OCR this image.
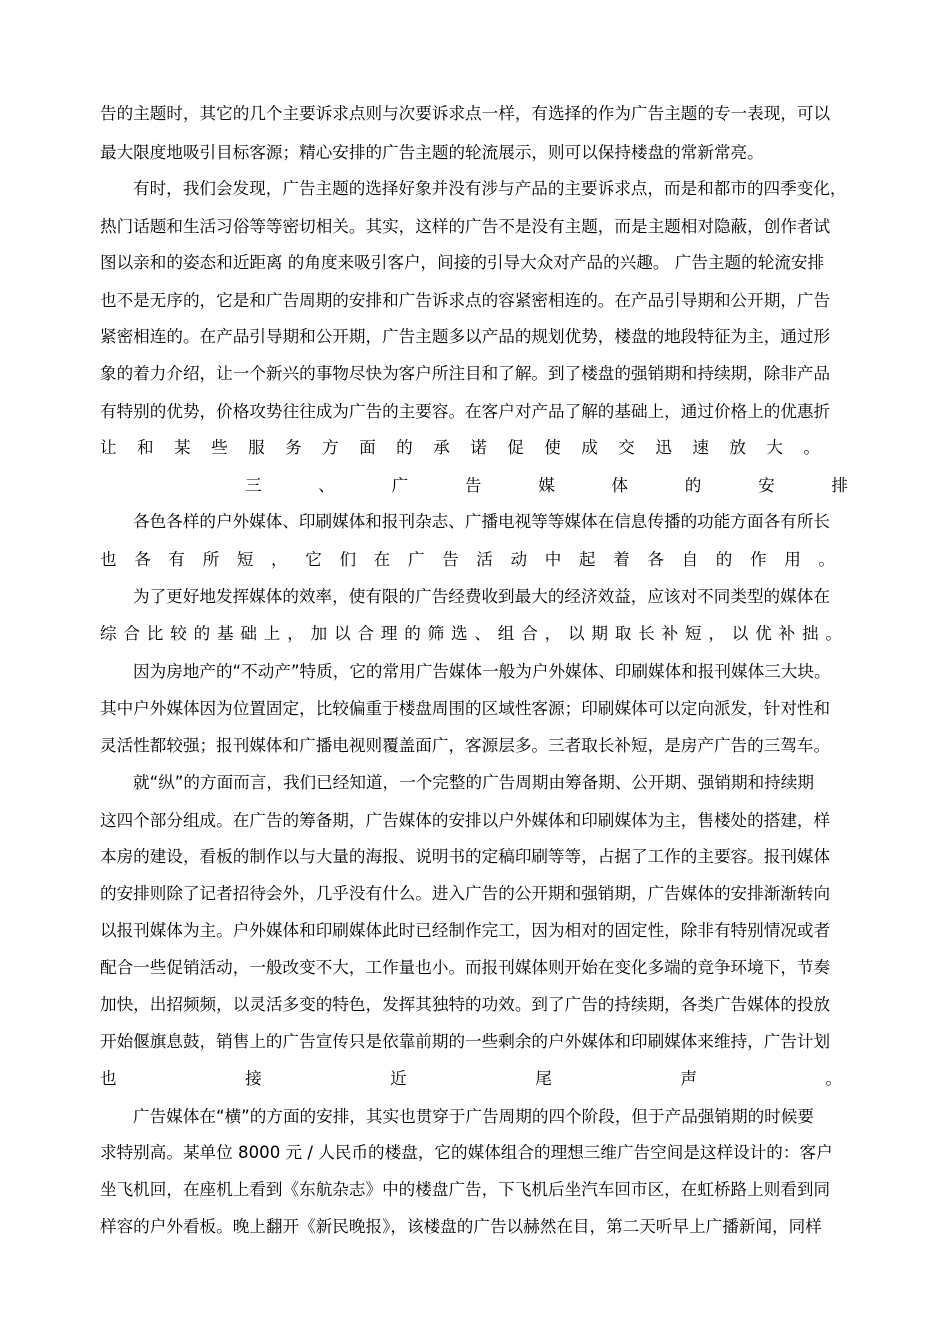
告的主题时，其它的几个主要诉求点则与次要诉求点一样，有选择的作为广告主题的专一表现，可以

最大限度地吸引目标客源；精心安排的广告主题的轮流展示，则可以保持楼盘的常新常亮。

有时，我们会发现，广告主题的选择好象并没有涉与产品的主要诉求点，而是和都市的四季变化，

热门话题和生活习俗等等密切相关。其实，这样的广告不是没有主题，而是主题相对隐蔽，创作者试

图以亲和的姿态和近距离 的角度来吸引客户，间接的引导大众对产品的兴趣。 广告主题的轮流安排

也不是无序的，它是和广告周期的安排和广告诉求点的容紧密相连的。在产品引导期和公开期，广告

紧密相连的。在产品引导期和公开期，广告主题多以产品的规划优势，楼盘的地段特征为主，通过形

象的着力介绍，让一个新兴的事物尽快为客户所注目和了解。到了楼盘的强销期和持续期，除非产品

有特别的优势，价格攻势往往成为广告的主要容。在客户对产品了解的基础上，通过价格上的优惠折

让和某些服务方面的承诺促使成交迅速放大。

三、广告媒体的安排

各色各样的户外媒体、印刷媒体和报刊杂志、广播电视等等媒体在信息传播的功能方面各有所长

也各有所短，它们在广告活动中起着各自的作用。

为了更好地发挥媒体的效率，使有限的广告经费收到最大的经济效益，应该对不同类型的媒体在

综合比较的基础上，加以合理的筛选、组合，以期取长补短，以优补拙。

因为房地产的“不动产”特质，它的常用广告媒体一般为户外媒体、印刷媒体和报刊媒体三大块。

其中户外媒体因为位置固定，比较偏重于楼盘周围的区域性客源；印刷媒体可以定向派发，针对性和

灵活性都较强；报刊媒体和广播电视则覆盖面广，客源层多。三者取长补短，是房产广告的三驾车。

就“纵”的方面而言，我们已经知道，一个完整的广告周期由筹备期、公开期、强销期和持续期

这四个部分组成。在广告的筹备期，广告媒体的安排以户外媒体和印刷媒体为主，售楼处的搭建，样

本房的建设，看板的制作以与大量的海报、说明书的定稿印刷等等，占据了工作的主要容。报刊媒体

的安排则除了记者招待会外，几乎没有什么。进入广告的公开期和强销期，广告媒体的安排渐渐转向

以报刊媒体为主。户外媒体和印刷媒体此时已经制作完工，因为相对的固定性，除非有特别情况或者

配合一些促销活动，一般改变不大，工作量也小。而报刊媒体则开始在变化多端的竞争环境下，节奏

加快，出招频频，以灵活多变的特色，发挥其独特的功效。到了广告的持续期，各类广告媒体的投放

开始偃旗息鼓，销售上的广告宣传只是依靠前期的一些剩余的户外媒体和印刷媒体来维持，广告计划

也接近尾声。

广告媒体在“横”的方面的安排，其实也贯穿于广告周期的四个阶段，但于产品强销期的时候要

求特别高。某单位 8000 元 / 人民币的楼盘，它的媒体组合的理想三维广告空间是这样设计的：客户

坐飞机回，在座机上看到《东航杂志》中的楼盘广告，下飞机后坐汽车回市区，在虹桥路上则看到同

样容的户外看板。晚上翻开《新民晚报》，该楼盘的广告以赫然在目，第二天听早上广播新闻，同样
